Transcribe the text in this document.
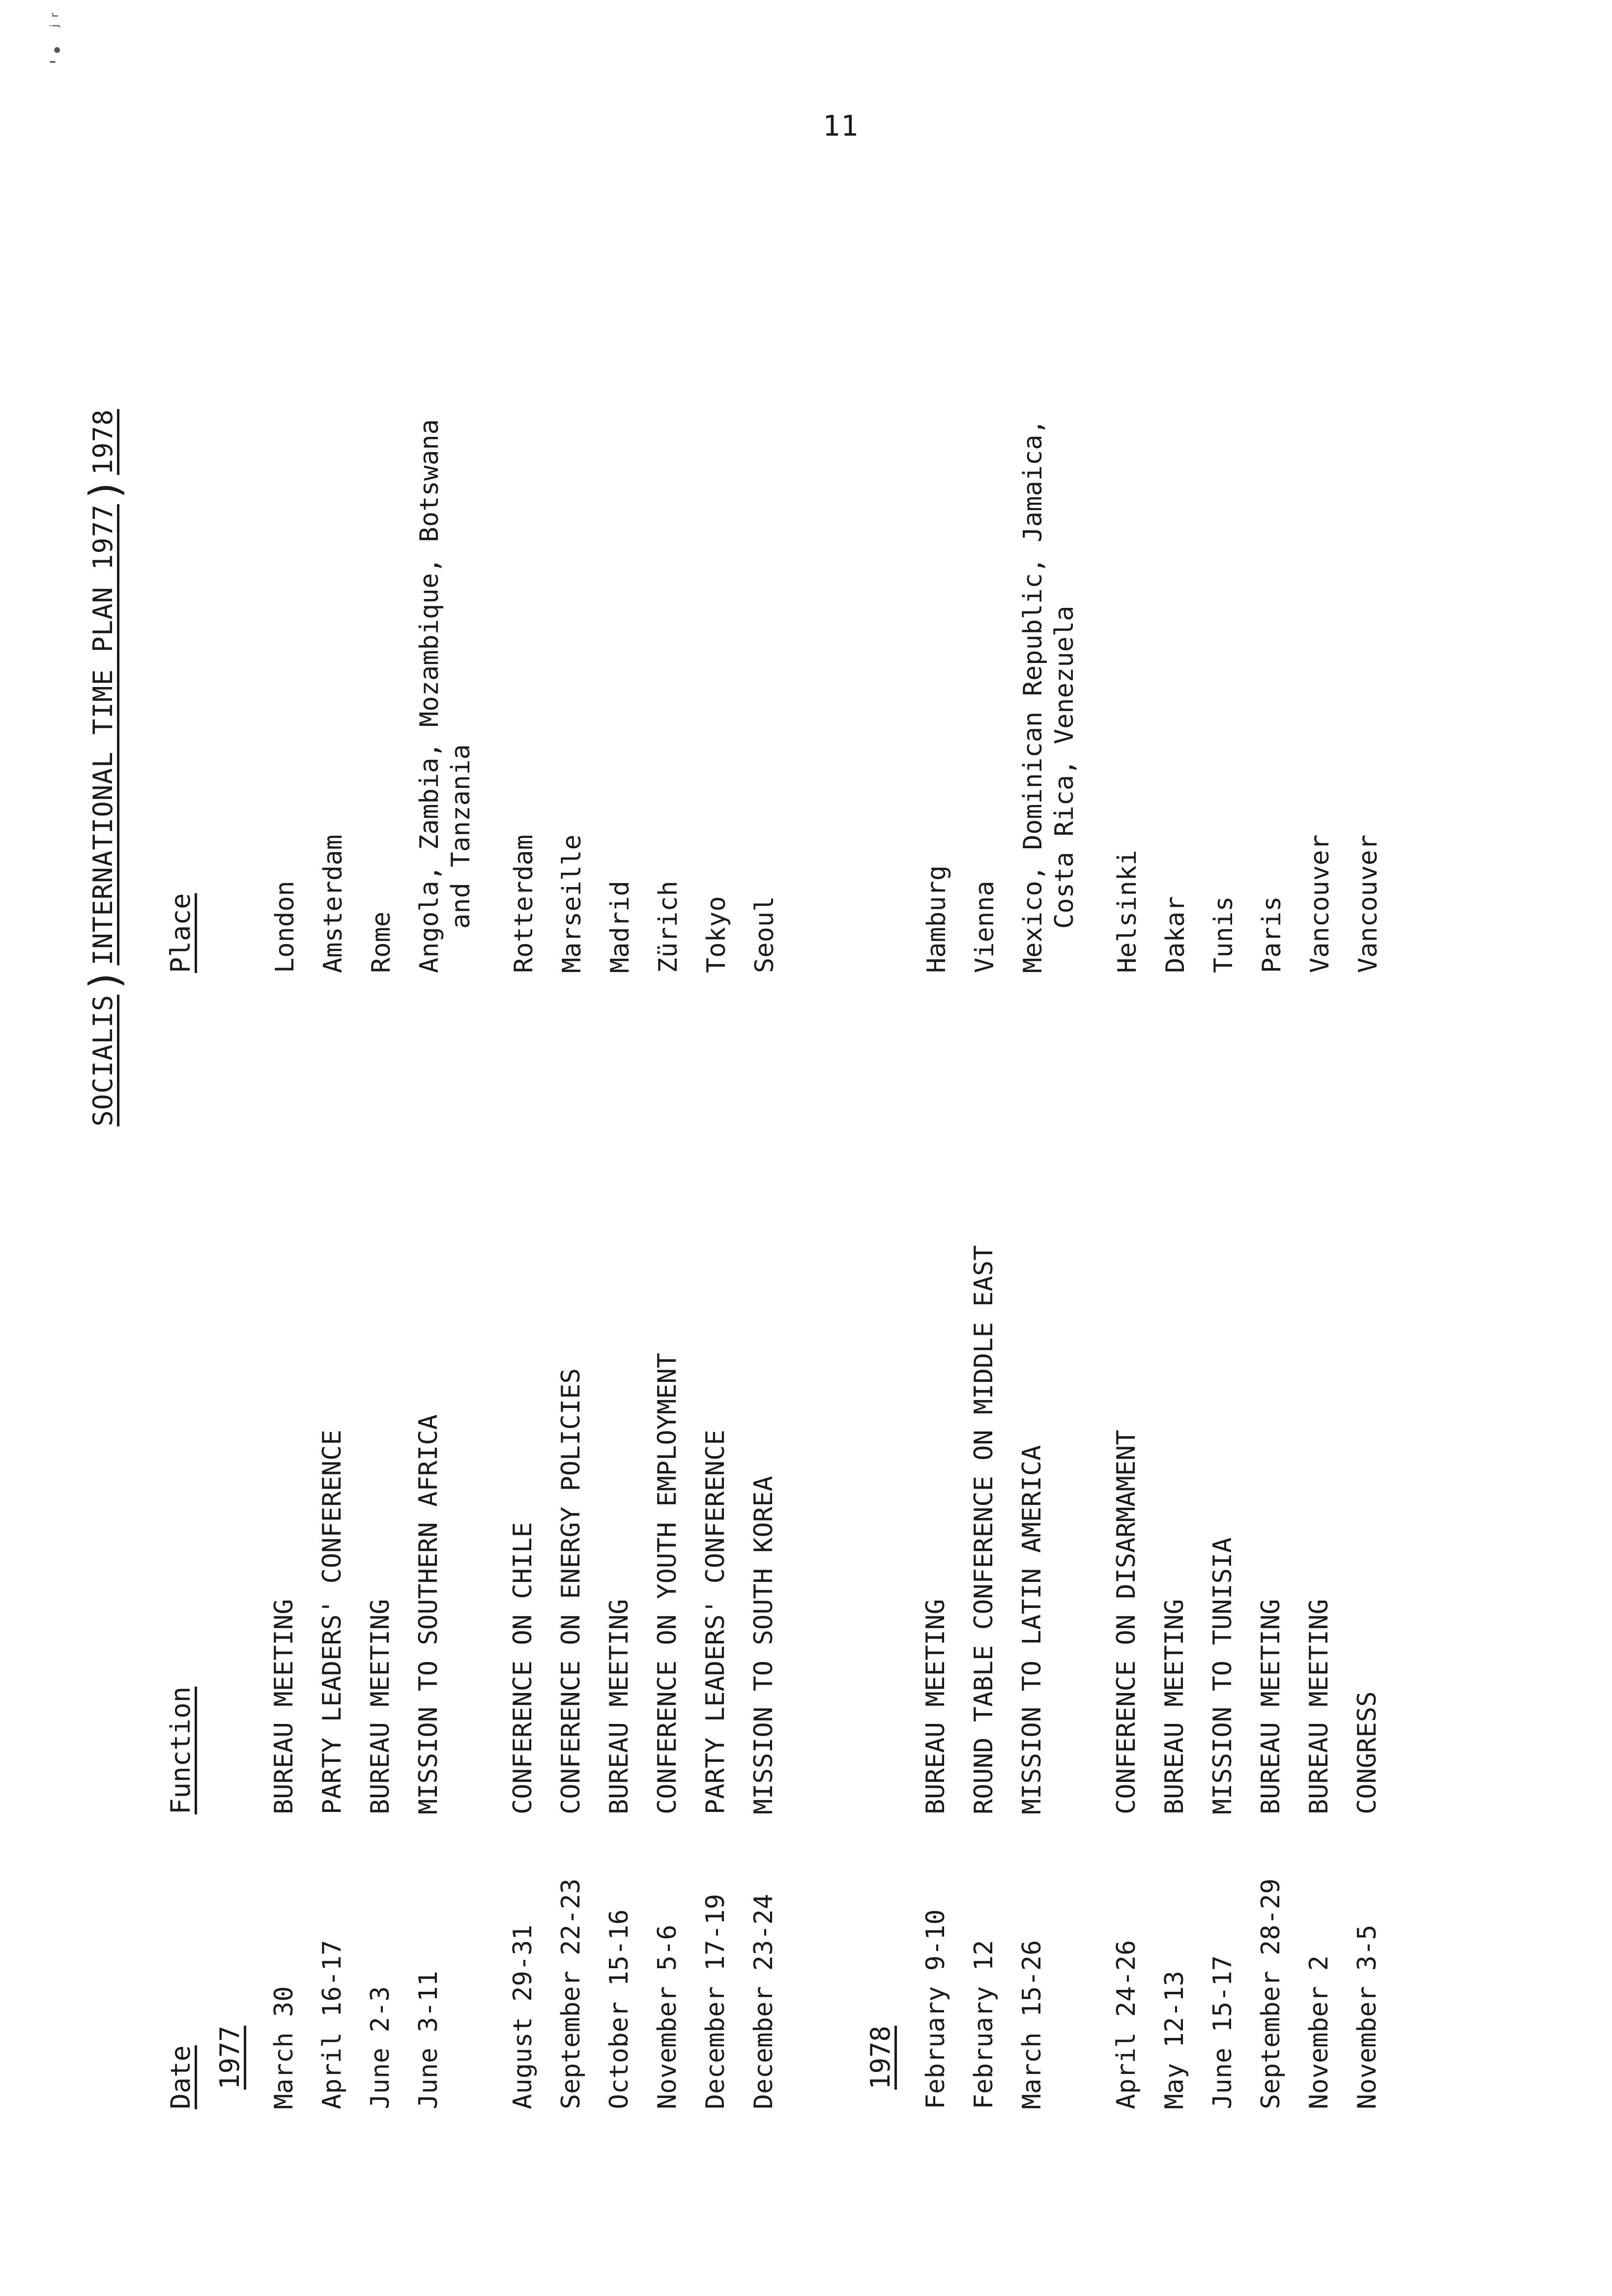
'• ʲʳ
11
SOCIALIS)INTERNATIONAL TIME PLAN 1977)1978
Date
Function
Place
1977 March 30
BUREAU MEETING
London
April 16-17
PARTY LEADERS' CONFERENCE
Amsterdam
June 2-3
BUREAU MEETING
Rome
June 3-11
MISSION TO SOUTHERN AFRICA
Angola, Zambia, Mozambique, Botswana and Tanzania
August 29-31
CONFERENCE ON CHILE
Rotterdam
September 22-23
CONFERENCE ON ENERGY POLICIES
Marseille
October 15-16
BUREAU MEETING
Madrid
November 5-6
CONFERENCE ON YOUTH EMPLOYMENT
Zürich
December 17-19
PARTY LEADERS' CONFERENCE
Tokyo
December 23-24
MISSION TO SOUTH KOREA
Seoul
1978 February 9-10
BUREAU MEETING
Hamburg
February 12
ROUND TABLE CONFERENCE ON MIDDLE EAST
Vienna
March 15-26
MISSION TO LATIN AMERICA
Mexico, Dominican Republic, Jamaica, Costa Rica, Venezuela
April 24-26
CONFERENCE ON DISARMAMENT
Helsinki
May 12-13
BUREAU MEETING
Dakar
June 15-17
MISSION TO TUNISIA
Tunis
September 28-29
BUREAU MEETING
Paris
November 2
BUREAU MEETING
Vancouver
November 3-5
CONGRESS
Vancouver
